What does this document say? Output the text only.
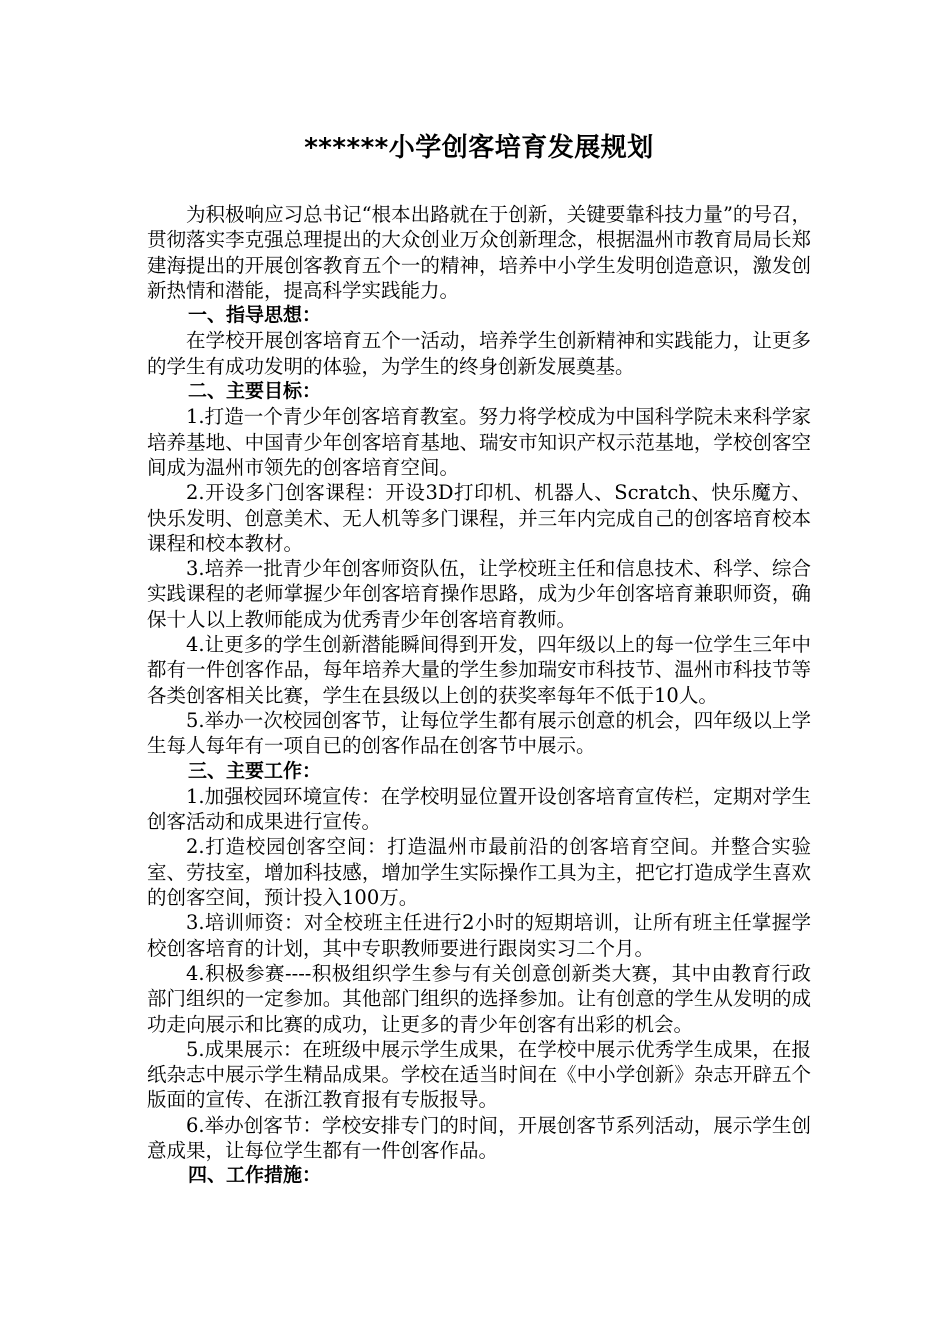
******小学创客培育发展规划

为积极响应习总书记“根本出路就在于创新，关键要靠科技力量”的号召，贯彻落实李克强总理提出的大众创业万众创新理念，根据温州市教育局局长郑建海提出的开展创客教育五个一的精神，培养中小学生发明创造意识，激发创新热情和潜能，提高科学实践能力。

一、指导思想：

在学校开展创客培育五个一活动，培养学生创新精神和实践能力，让更多的学生有成功发明的体验，为学生的终身创新发展奠基。

二、主要目标：

1.打造一个青少年创客培育教室。努力将学校成为中国科学院未来科学家培养基地、中国青少年创客培育基地、瑞安市知识产权示范基地，学校创客空间成为温州市领先的创客培育空间。

2.开设多门创客课程：开设3D打印机、机器人、Scratch、快乐魔方、快乐发明、创意美术、无人机等多门课程，并三年内完成自己的创客培育校本课程和校本教材。

3.培养一批青少年创客师资队伍，让学校班主任和信息技术、科学、综合实践课程的老师掌握少年创客培育操作思路，成为少年创客培育兼职师资，确保十人以上教师能成为优秀青少年创客培育教师。

4.让更多的学生创新潜能瞬间得到开发，四年级以上的每一位学生三年中都有一件创客作品，每年培养大量的学生参加瑞安市科技节、温州市科技节等各类创客相关比赛，学生在县级以上创的获奖率每年不低于10人。

5.举办一次校园创客节，让每位学生都有展示创意的机会，四年级以上学生每人每年有一项自已的创客作品在创客节中展示。

三、主要工作：

1.加强校园环境宣传：在学校明显位置开设创客培育宣传栏，定期对学生创客活动和成果进行宣传。

2.打造校园创客空间：打造温州市最前沿的创客培育空间。并整合实验室、劳技室，增加科技感，增加学生实际操作工具为主，把它打造成学生喜欢的创客空间，预计投入100万。

3.培训师资：对全校班主任进行2小时的短期培训，让所有班主任掌握学校创客培育的计划，其中专职教师要进行跟岗实习二个月。

4.积极参赛----积极组织学生参与有关创意创新类大赛，其中由教育行政部门组织的一定参加。其他部门组织的选择参加。让有创意的学生从发明的成功走向展示和比赛的成功，让更多的青少年创客有出彩的机会。

5.成果展示：在班级中展示学生成果，在学校中展示优秀学生成果，在报纸杂志中展示学生精品成果。学校在适当时间在《中小学创新》杂志开辟五个版面的宣传、在浙江教育报有专版报导。

6.举办创客节：学校安排专门的时间，开展创客节系列活动，展示学生创意成果，让每位学生都有一件创客作品。

四、工作措施：
